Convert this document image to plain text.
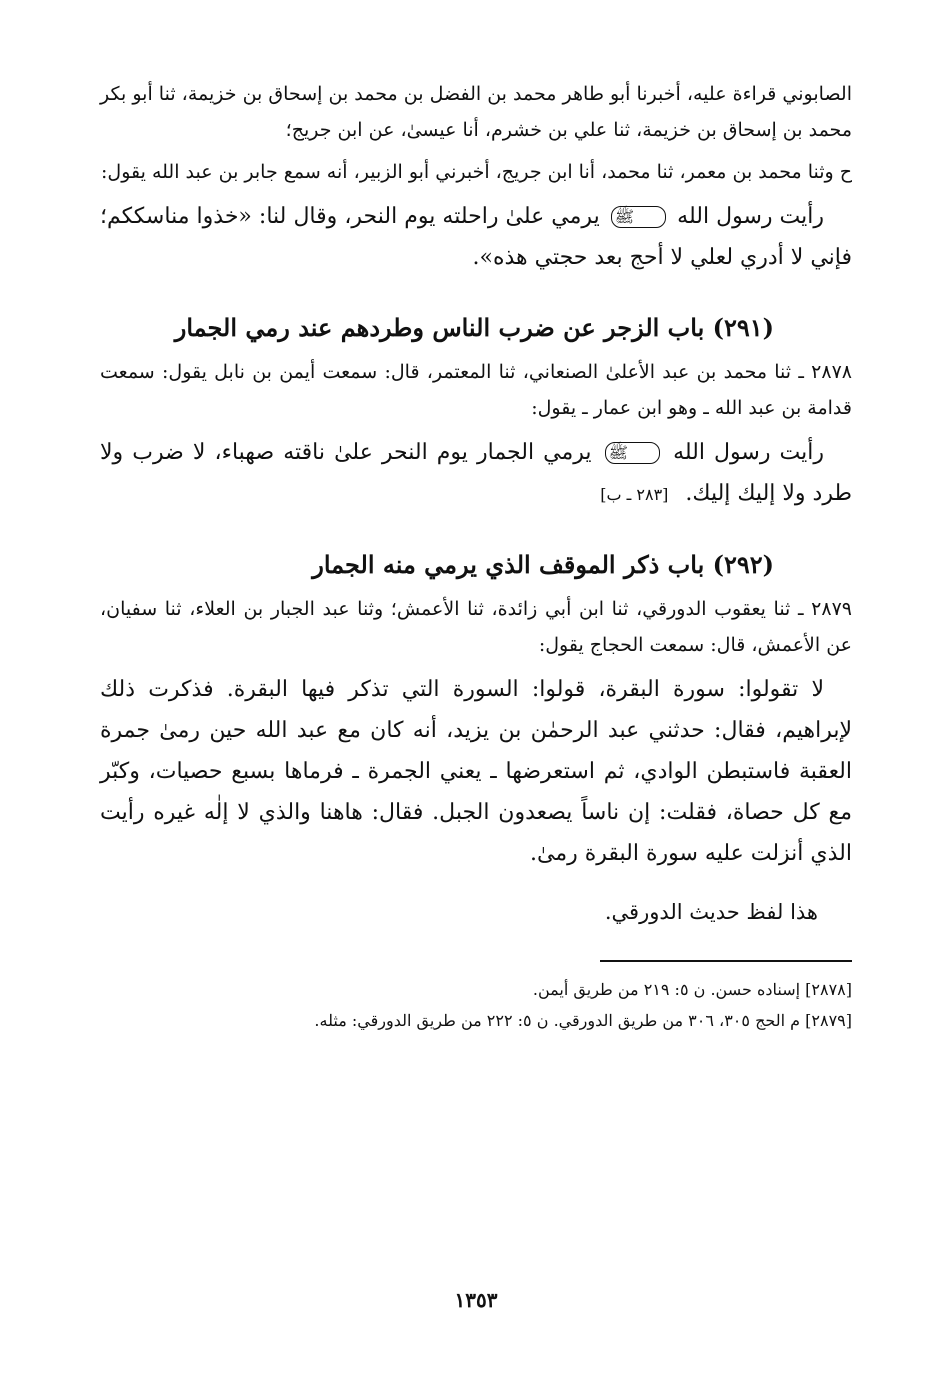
الصابوني قراءة عليه، أخبرنا أبو طاهر محمد بن الفضل بن محمد بن إسحاق بن خزيمة، ثنا أبو بكر محمد بن إسحاق بن خزيمة، ثنا علي بن خشرم، أنا عيسىٰ، عن ابن جريج؛

ح وثنا محمد بن معمر، ثنا محمد، أنا ابن جريج، أخبرني أبو الزبير، أنه سمع جابر بن عبد الله يقول:

رأيت رسول الله ﷺ يرمي علىٰ راحلته يوم النحر، وقال لنا: «خذوا مناسككم؛ فإني لا أدري لعلي لا أحج بعد حجتي هذه».

(٢٩١) باب الزجر عن ضرب الناس وطردهم عند رمي الجمار

٢٨٧٨ ـ ثنا محمد بن عبد الأعلىٰ الصنعاني، ثنا المعتمر، قال: سمعت أيمن بن نابل يقول: سمعت قدامة بن عبد الله ـ وهو ابن عمار ـ يقول:

رأيت رسول الله ﷺ يرمي الجمار يوم النحر علىٰ ناقته صهباء، لا ضرب ولا طرد ولا إليك إليك. [٢٨٣ ـ ب]

(٢٩٢) باب ذكر الموقف الذي يرمي منه الجمار

٢٨٧٩ ـ ثنا يعقوب الدورقي، ثنا ابن أبي زائدة، ثنا الأعمش؛ وثنا عبد الجبار بن العلاء، ثنا سفيان، عن الأعمش، قال: سمعت الحجاج يقول:

لا تقولوا: سورة البقرة، قولوا: السورة التي تذكر فيها البقرة. فذكرت ذلك لإبراهيم، فقال: حدثني عبد الرحمٰن بن يزيد، أنه كان مع عبد الله حين رمىٰ جمرة العقبة فاستبطن الوادي، ثم استعرضها ـ يعني الجمرة ـ فرماها بسبع حصيات، وكبّر مع كل حصاة، فقلت: إن ناساً يصعدون الجبل. فقال: هاهنا والذي لا إلٰه غيره رأيت الذي أنزلت عليه سورة البقرة رمىٰ.

هذا لفظ حديث الدورقي.

[٢٨٧٨] إسناده حسن. ن ٥: ٢١٩ من طريق أيمن.

[٢٨٧٩] م الحج ٣٠٥، ٣٠٦ من طريق الدورقي. ن ٥: ٢٢٢ من طريق الدورقي: مثله.

١٣٥٣
